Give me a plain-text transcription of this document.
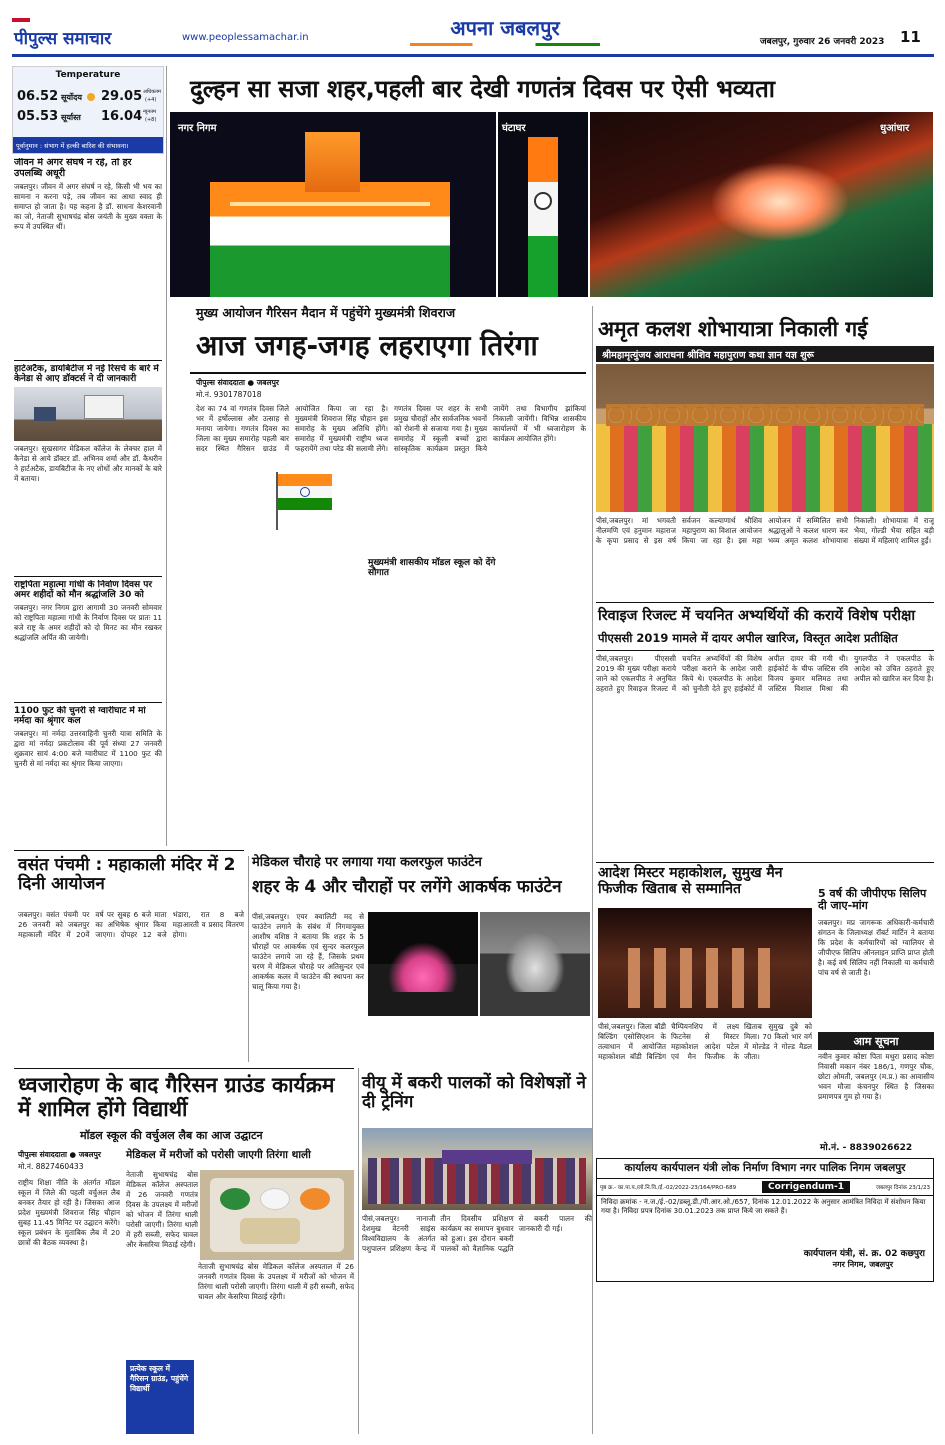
पीपुल्स समाचार	www.peoplessamachar.in	अपना जबलपुर
जबलपुर, गुरुवार 26 जनवरी 2023 11
Temperature
06.52 सूर्योदय 29.05 अधिकतम
(+4)
05.53 सूर्यास्त 16.04 न्यूनतम
(+8)
पूर्वानुमान : संभाग में हल्की बारिश की संभावना।
जीवन में अगर संघर्ष न रहे, तो हर उपलब्धि अधूरी
जबलपुर। जीवन में अगर संघर्ष न रहे, किसी भी भय का सामना न करना पड़े, तब जीवन का आधा स्वाद ही समाप्त हो जाता है। यह कहना है डॉ. साधना केशरवानी का जो, नेताजी सुभाषचंद्र बोस जयंती के मुख्य वक्ता के रूप में उपस्थित थीं।
हार्टअटैक, डायबिटीज में नई रिसर्च के बारे में केनेडा से आए डॉक्टर्स ने दी जानकारी
जबलपुर। सुखसागर मेडिकल कॉलेज के लेक्चर हाल में कैनेडा से आये डॉक्टर डॉ. अभिनव शर्मा और डॉ. कैथरीन ने हार्टअटैक, डायबिटीज के नए शोधों और मानकों के बारे में बताया।
राष्ट्रपिता महात्मा गांधी के निर्वाण दिवस पर अमर शहीदों को मौन श्रद्धांजलि 30 को
जबलपुर। नगर निगम द्वारा आगामी 30 जनवरी सोमवार को राष्ट्रपिता महात्मा गांधी के निर्वाण दिवस पर प्रातः 11 बजे राष्ट्र के अमर शहीदों को दो मिनट का मौन रखकर श्रद्धांजलि अर्पित की जायेगी।
1100 फुट की चुनरी से ग्वारीघाट में मां नर्मदा का श्रृंगार कल
जबलपुर। मां नर्मदा उत्तरवाहिनी चुनरी यात्रा समिति के द्वारा मां नर्मदा प्रकटोत्सव की पूर्व संध्या 27 जनवरी शुक्रवार सायं 4:00 बजे ग्वारीघाट में 1100 फुट की चुनरी से मां नर्मदा का श्रृंगार किया जाएगा।
दुल्हन सा सजा शहर,पहली बार देखी गणतंत्र दिवस पर ऐसी भव्यता
नगर निगम	घंटाघर	धुआंधार
मुख्य आयोजन गैरिसन मैदान में पहुंचेंगे मुख्यमंत्री शिवराज
आज जगह-जगह लहराएगा तिरंगा
पीपुल्स संवाददाता ● जबलपुर
मो.नं. 9301787018
देश का 74 वां गणतंत्र दिवस जिले भर में हर्षोल्लास और उत्साह से मनाया जायेगा। गणतंत्र दिवस का जिला का मुख्य समारोह पहली बार सदर स्थित गैरिसन ग्राउंड में आयोजित किया जा रहा है। मुख्यमंत्री शिवराज सिंह चौहान इस समारोह के मुख्य अतिथि होंगे। समारोह में मुख्यमंत्री राष्ट्रीय ध्वज फहरायेंगे तथा परेड की सलामी लेंगे। गणतंत्र दिवस पर शहर के सभी प्रमुख चौराहों और सार्वजनिक भवनों को रोशनी से सजाया गया है। मुख्य समारोह में स्कूली बच्चों द्वारा सांस्कृतिक कार्यक्रम प्रस्तुत किये जायेंगे तथा विभागीय झांकियां निकाली जायेंगी। विभिन्न शासकीय कार्यालयों में भी ध्वजारोहण के कार्यक्रम आयोजित होंगे।
मुख्यमंत्री शासकीय मॉडल स्कूल को देंगे सौगात
अमृत कलश शोभायात्रा निकाली गई
श्रीमहामृत्युंजय आराधना श्रीशिव महापुराण कथा ज्ञान यज्ञ शुरू
पीसं,जबलपुर। मां भगवती नीलमणि एवं हनुमान महाराज के कृपा प्रसाद से इस वर्ष सर्वजन कल्याणार्थ श्रीशिव महापुराण का विशाल आयोजन किया जा रहा है। इस महा आयोजन में सम्मिलित सभी श्रद्धालुओं ने कलश धारण कर भव्य अमृत कलश शोभायात्रा निकाली। शोभायात्रा में राजू भैया, गोल्डी भैया सहित बड़ी संख्या में महिलाएं शामिल हुईं।
रिवाइज रिजल्ट में चयनित अभ्यर्थियों की करायें विशेष परीक्षा
पीएससी 2019 मामले में दायर अपील खारिज, विस्तृत आदेश प्रतीक्षित
पीसं,जबलपुर। पीएससी 2019 की मुख्य परीक्षा कराये जाने को एकलपीठ ने अनुचित ठहराते हुए रिवाइज रिजल्ट में चयनित अभ्यर्थियों की विशेष परीक्षा कराने के आदेश जारी किये थे। एकलपीठ के आदेश को चुनौती देते हुए हाईकोर्ट में अपील दायर की गयी थी। हाईकोर्ट के चीफ जस्टिस रवि विजय कुमार मलिमठ तथा जस्टिस विशाल मिश्रा की युगलपीठ ने एकलपीठ के आदेश को उचित ठहराते हुए अपील को खारिज कर दिया है।
वसंत पंचमी : महाकाली मंदिर में 2 दिनी आयोजन
जबलपुर। वसंत पंचमी पर 26 जनवरी को जबलपुर महाकाली मंदिर में 20वें वर्ष पर सुबह 6 बजे माता का अभिषेक श्रृंगार किया जाएगा। दोपहर 12 बजे भंडारा, रात 8 बजे महाआरती व प्रसाद वितरण होगा।
मेडिकल चौराहे पर लगाया गया कलरफुल फाउंटेन
शहर के 4 और चौराहों पर लगेंगे आकर्षक फाउंटेन
पीसं,जबलपुर। एयर क्वालिटी मद से फाउंटेन लगाने के संबंध में निगमायुक्त आशीष वशिष्ठ ने बताया कि शहर के 5 चौराहों पर आकर्षक एवं सुन्दर कलरफुल फाउंटेन लगाये जा रहे हैं, जिसके प्रथम चरण में मेडिकल चौराहे पर अतिसुन्दर एवं आकर्षक कलर में फाउंटेन की स्थापना कर चालू किया गया है।
आदेश मिस्टर महाकोशल, सुमुख मैन फिजीक खिताब से सम्मानित
पीसं,जबलपुर। जिला बॉडी बिल्डिंग एसोसिएशन के तत्वाधान में आयोजित महाकोशल बॉडी बिल्डिंग चैम्पियनशिप में लक्ष्य फिटनेस से मिस्टर महाकोशल आदेश पटेल एवं मैन फिजीक के खिताब सुमुख दुबे को मिला। 70 किलो भार वर्ग में मोल्डेड ने गोल्ड मैडल जीता।
5 वर्ष की जीपीएफ सिलिप दी जाए-मांग
जबलपुर। मप्र जागरूक अधिकारी-कर्मचारी संगठन के जिलाध्यक्ष रॉबर्ट मार्टिन ने बताया कि प्रदेश के कर्मचारियों को ग्वालियर से जीपीएफ सिलिप ऑनलाइन प्राप्ति प्राप्त होती है। कई वर्ष सिलिप नहीं निकाली या कर्मचारी पांच वर्ष से जाती है।
आम सूचना
नवीन कुमार कोष्टा पिता मथुरा प्रसाद कोष्टा निवासी मकान नंबर 186/1, गणपुर चौक, छोटा ओमती, जबलपुर (म.प्र.) का आवासीय भवन मौजा कंचनपुर स्थित है जिसका प्रमाणपत्र गुम हो गया है।
मो.नं. - 8839026622
ध्वजारोहण के बाद गैरिसन ग्राउंड कार्यक्रम में शामिल होंगे विद्यार्थी
मॉडल स्कूल की वर्चुअल लैब का आज उद्घाटन
पीपुल्स संवाददाता ● जबलपुर
मो.नं. 8827460433
राष्ट्रीय शिक्षा नीति के अंतर्गत मॉडल स्कूल में जिले की पहली वर्चुअल लैब बनकर तैयार हो रही है। जिसका आज प्रदेश मुख्यमंत्री शिवराज सिंह चौहान सुबह 11.45 मिनिट पर उद्घाटन करेंगे। स्कूल प्रबंधन के मुताबिक लैब में 20 छात्रों की बैठक व्यवस्था है।
मेडिकल में मरीजों को परोसी जाएगी तिरंगा थाली
नेताजी सुभाषचंद्र बोस मेडिकल कॉलेज अस्पताल में 26 जनवरी गणतंत्र दिवस के उपलक्ष्य में मरीजों को भोजन में तिरंगा थाली परोसी जाएगी। तिरंगा थाली में हरी सब्जी, सफेद चावल और केसरिया मिठाई रहेगी।
प्रत्येक स्कूल में गैरिसन ग्राउंड, पहुंचेंगे विद्यार्थी
नेताजी सुभाषचंद्र बोस मेडिकल कॉलेज अस्पताल में 26 जनवरी गणतंत्र दिवस के उपलक्ष्य में मरीजों को भोजन में तिरंगा थाली परोसी जाएगी। तिरंगा थाली में हरी सब्जी, सफेद चावल और केसरिया मिठाई रहेगी।
वीयू में बकरी पालकों को विशेषज्ञों ने दी ट्रेनिंग
पीसं,जबलपुर। नानाजी देशमुख वेटनरी साइंस विश्वविद्यालय के अंतर्गत पशुपालन प्रशिक्षण केन्द्र में तीन दिवसीय प्रशिक्षण कार्यक्रम का समापन बुधवार को हुआ। इस दौरान बकरी पालकों को वैज्ञानिक पद्धति से बकरी पालन की जानकारी दी गई।
कार्यालय कार्यपालन यंत्री लोक निर्माण विभाग नगर पालिक निगम जबलपुर
पृष्ठ क्र.- का.पा.य./लो.नि.वि./ई.-02/2022-23/164/PRO-689	Corrigendum-1	जबलपुर दिनांक 23/1/23
निविदा क्रमांक - न.ज./ई.-02/डब्लू.डी./पी.आर.ओ./657, दिनांक 12.01.2022 के अनुसार आमंत्रित निविदा में संशोधन किया गया है। निविदा प्रपत्र दिनांक 30.01.2023 तक प्राप्त किये जा सकते हैं।
कार्यपालन यंत्री, सं. क्र. 02 कछपुरा
नगर निगम, जबलपुर
